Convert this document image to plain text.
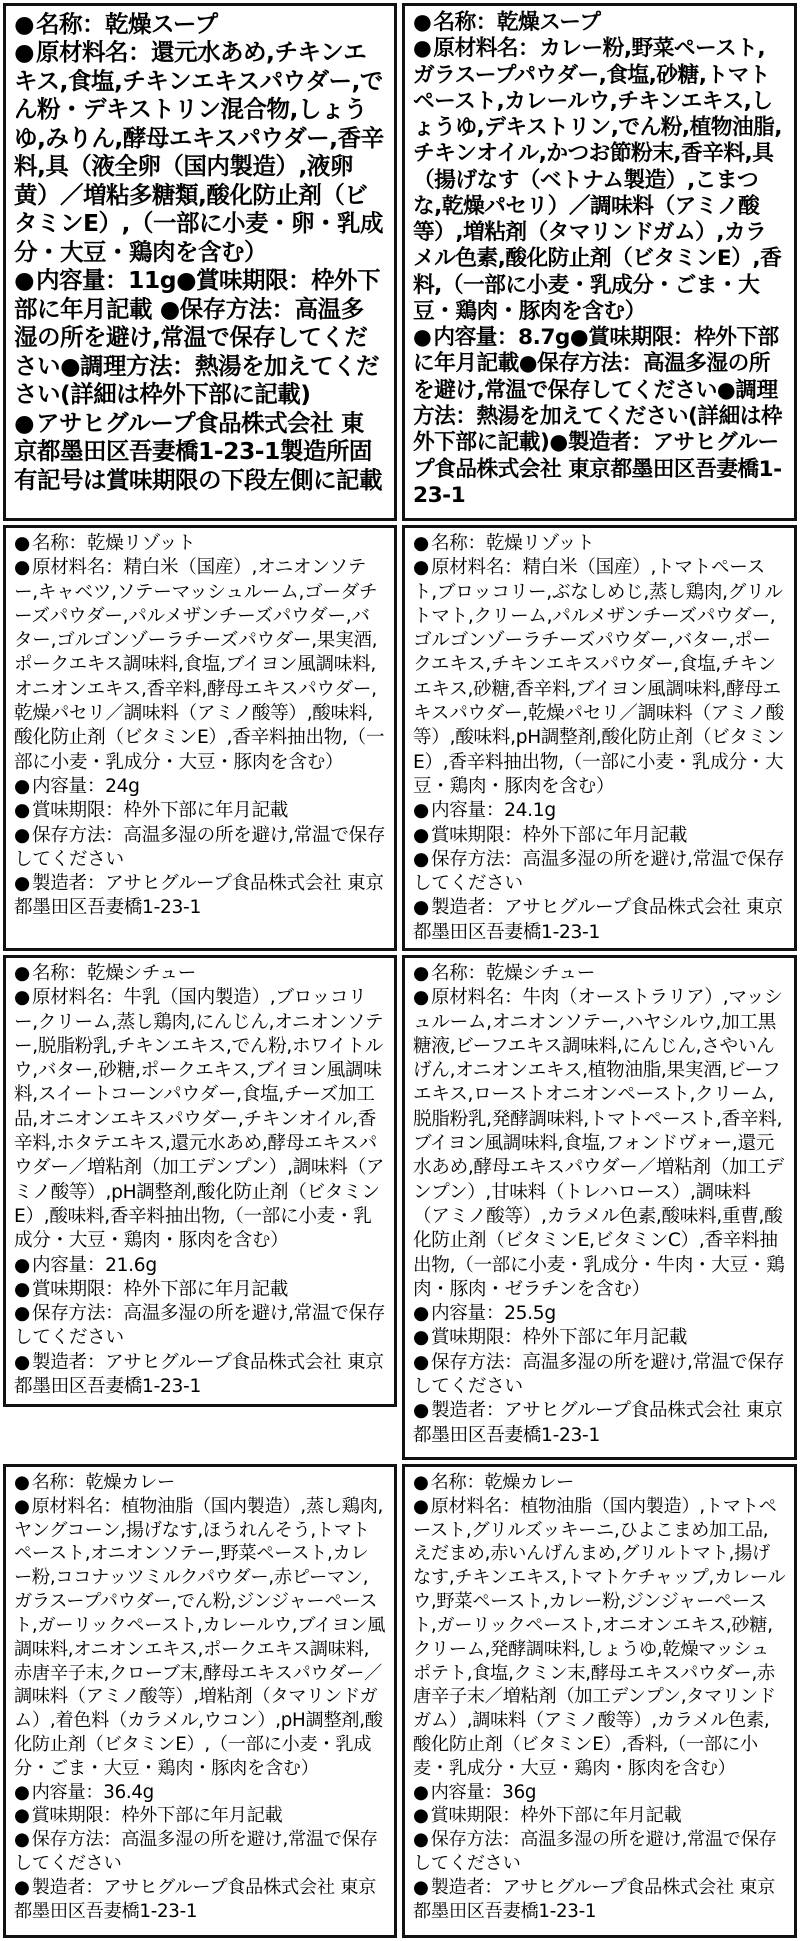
●名称：乾燥スープ

●原材料名：還元水あめ,チキンエキス,食塩,チキンエキスパウダー,でん粉・デキストリン混合物,しょうゆ,みりん,酵母エキスパウダー,香辛料,具（液全卵（国内製造）,液卵黄）／増粘多糖類,酸化防止剤（ビタミンE）,（一部に小麦・卵・乳成分・大豆・鶏肉を含む）

●内容量：11g●賞味期限：枠外下部に年月記載 ●保存方法：高温多湿の所を避け,常温で保存してください●調理方法：熱湯を加えてください(詳細は枠外下部に記載)

●アサヒグループ食品株式会社 東京都墨田区吾妻橋1-23-1製造所固有記号は賞味期限の下段左側に記載

●名称：乾燥スープ

●原材料名：カレー粉,野菜ペースト,ガラスープパウダー,食塩,砂糖,トマトペースト,カレールウ,チキンエキス,しょうゆ,デキストリン,でん粉,植物油脂,チキンオイル,かつお節粉末,香辛料,具（揚げなす（ベトナム製造）,こまつな,乾燥パセリ）／調味料（アミノ酸等）,増粘剤（タマリンドガム）,カラメル色素,酸化防止剤（ビタミンE）,香料,（一部に小麦・乳成分・ごま・大豆・鶏肉・豚肉を含む）

●内容量：8.7g●賞味期限：枠外下部に年月記載●保存方法：高温多湿の所を避け,常温で保存してください●調理方法：熱湯を加えてください(詳細は枠外下部に記載)●製造者：アサヒグループ食品株式会社 東京都墨田区吾妻橋1-23-1

● 名称：乾燥リゾット

● 原材料名：精白米（国産）,オニオンソテー,キャベツ,ソテーマッシュルーム,ゴーダチーズパウダー,パルメザンチーズパウダー,バター,ゴルゴンゾーラチーズパウダー,果実酒,ポークエキス調味料,食塩,ブイヨン風調味料,オニオンエキス,香辛料,酵母エキスパウダー,乾燥パセリ／調味料（アミノ酸等）,酸味料,酸化防止剤（ビタミンE）,香辛料抽出物,（一部に小麦・乳成分・大豆・豚肉を含む）

● 内容量：24g

● 賞味期限：枠外下部に年月記載

● 保存方法：高温多湿の所を避け,常温で保存してください

● 製造者：アサヒグループ食品株式会社 東京都墨田区吾妻橋1-23-1

● 名称：乾燥リゾット

● 原材料名：精白米（国産）,トマトペースト,ブロッコリー,ぶなしめじ,蒸し鶏肉,グリルトマト,クリーム,パルメザンチーズパウダー,ゴルゴンゾーラチーズパウダー,バター,ポークエキス,チキンエキスパウダー,食塩,チキンエキス,砂糖,香辛料,ブイヨン風調味料,酵母エキスパウダー,乾燥パセリ／調味料（アミノ酸等）,酸味料,pH調整剤,酸化防止剤（ビタミンE）,香辛料抽出物,（一部に小麦・乳成分・大豆・鶏肉・豚肉を含む）

● 内容量：24.1g

● 賞味期限：枠外下部に年月記載

● 保存方法：高温多湿の所を避け,常温で保存してください

● 製造者：アサヒグループ食品株式会社 東京都墨田区吾妻橋1-23-1

● 名称：乾燥シチュー

● 原材料名：牛乳（国内製造）,ブロッコリー,クリーム,蒸し鶏肉,にんじん,オニオンソテー,脱脂粉乳,チキンエキス,でん粉,ホワイトルウ,バター,砂糖,ポークエキス,ブイヨン風調味料,スイートコーンパウダー,食塩,チーズ加工品,オニオンエキスパウダー,チキンオイル,香辛料,ホタテエキス,還元水あめ,酵母エキスパウダー／増粘剤（加工デンプン）,調味料（アミノ酸等）,pH調整剤,酸化防止剤（ビタミンE）,酸味料,香辛料抽出物,（一部に小麦・乳成分・大豆・鶏肉・豚肉を含む）

● 内容量：21.6g

● 賞味期限：枠外下部に年月記載

● 保存方法：高温多湿の所を避け,常温で保存してください

● 製造者：アサヒグループ食品株式会社 東京都墨田区吾妻橋1-23-1

● 名称：乾燥シチュー

● 原材料名：牛肉（オーストラリア）,マッシュルーム,オニオンソテー,ハヤシルウ,加工黒糖液,ビーフエキス調味料,にんじん,さやいんげん,オニオンエキス,植物油脂,果実酒,ビーフエキス,ローストオニオンペースト,クリーム,脱脂粉乳,発酵調味料,トマトペースト,香辛料,ブイヨン風調味料,食塩,フォンドヴォー,還元水あめ,酵母エキスパウダー／増粘剤（加工デンプン）,甘味料（トレハロース）,調味料（アミノ酸等）,カラメル色素,酸味料,重曹,酸化防止剤（ビタミンE,ビタミンC）,香辛料抽出物,（一部に小麦・乳成分・牛肉・大豆・鶏肉・豚肉・ゼラチンを含む）

● 内容量：25.5g

● 賞味期限：枠外下部に年月記載

● 保存方法：高温多湿の所を避け,常温で保存してください

● 製造者：アサヒグループ食品株式会社 東京都墨田区吾妻橋1-23-1

● 名称：乾燥カレー

● 原材料名：植物油脂（国内製造）,蒸し鶏肉,ヤングコーン,揚げなす,ほうれんそう,トマトペースト,オニオンソテー,野菜ペースト,カレー粉,ココナッツミルクパウダー,赤ピーマン,ガラスープパウダー,でん粉,ジンジャーペースト,ガーリックペースト,カレールウ,ブイヨン風調味料,オニオンエキス,ポークエキス調味料,赤唐辛子末,クローブ末,酵母エキスパウダー／調味料（アミノ酸等）,増粘剤（タマリンドガム）,着色料（カラメル,ウコン）,pH調整剤,酸化防止剤（ビタミンE）,（一部に小麦・乳成分・ごま・大豆・鶏肉・豚肉を含む）

● 内容量：36.4g

● 賞味期限：枠外下部に年月記載

● 保存方法：高温多湿の所を避け,常温で保存してください

● 製造者：アサヒグループ食品株式会社 東京都墨田区吾妻橋1-23-1

● 名称：乾燥カレー

● 原材料名：植物油脂（国内製造）,トマトペースト,グリルズッキーニ,ひよこまめ加工品,えだまめ,赤いんげんまめ,グリルトマト,揚げなす,チキンエキス,トマトケチャップ,カレールウ,野菜ペースト,カレー粉,ジンジャーペースト,ガーリックペースト,オニオンエキス,砂糖,クリーム,発酵調味料,しょうゆ,乾燥マッシュポテト,食塩,クミン末,酵母エキスパウダー,赤唐辛子末／増粘剤（加工デンプン,タマリンドガム）,調味料（アミノ酸等）,カラメル色素,酸化防止剤（ビタミンE）,香料,（一部に小麦・乳成分・大豆・鶏肉・豚肉を含む）

● 内容量：36g

● 賞味期限：枠外下部に年月記載

● 保存方法：高温多湿の所を避け,常温で保存してください

● 製造者：アサヒグループ食品株式会社 東京都墨田区吾妻橋1-23-1
